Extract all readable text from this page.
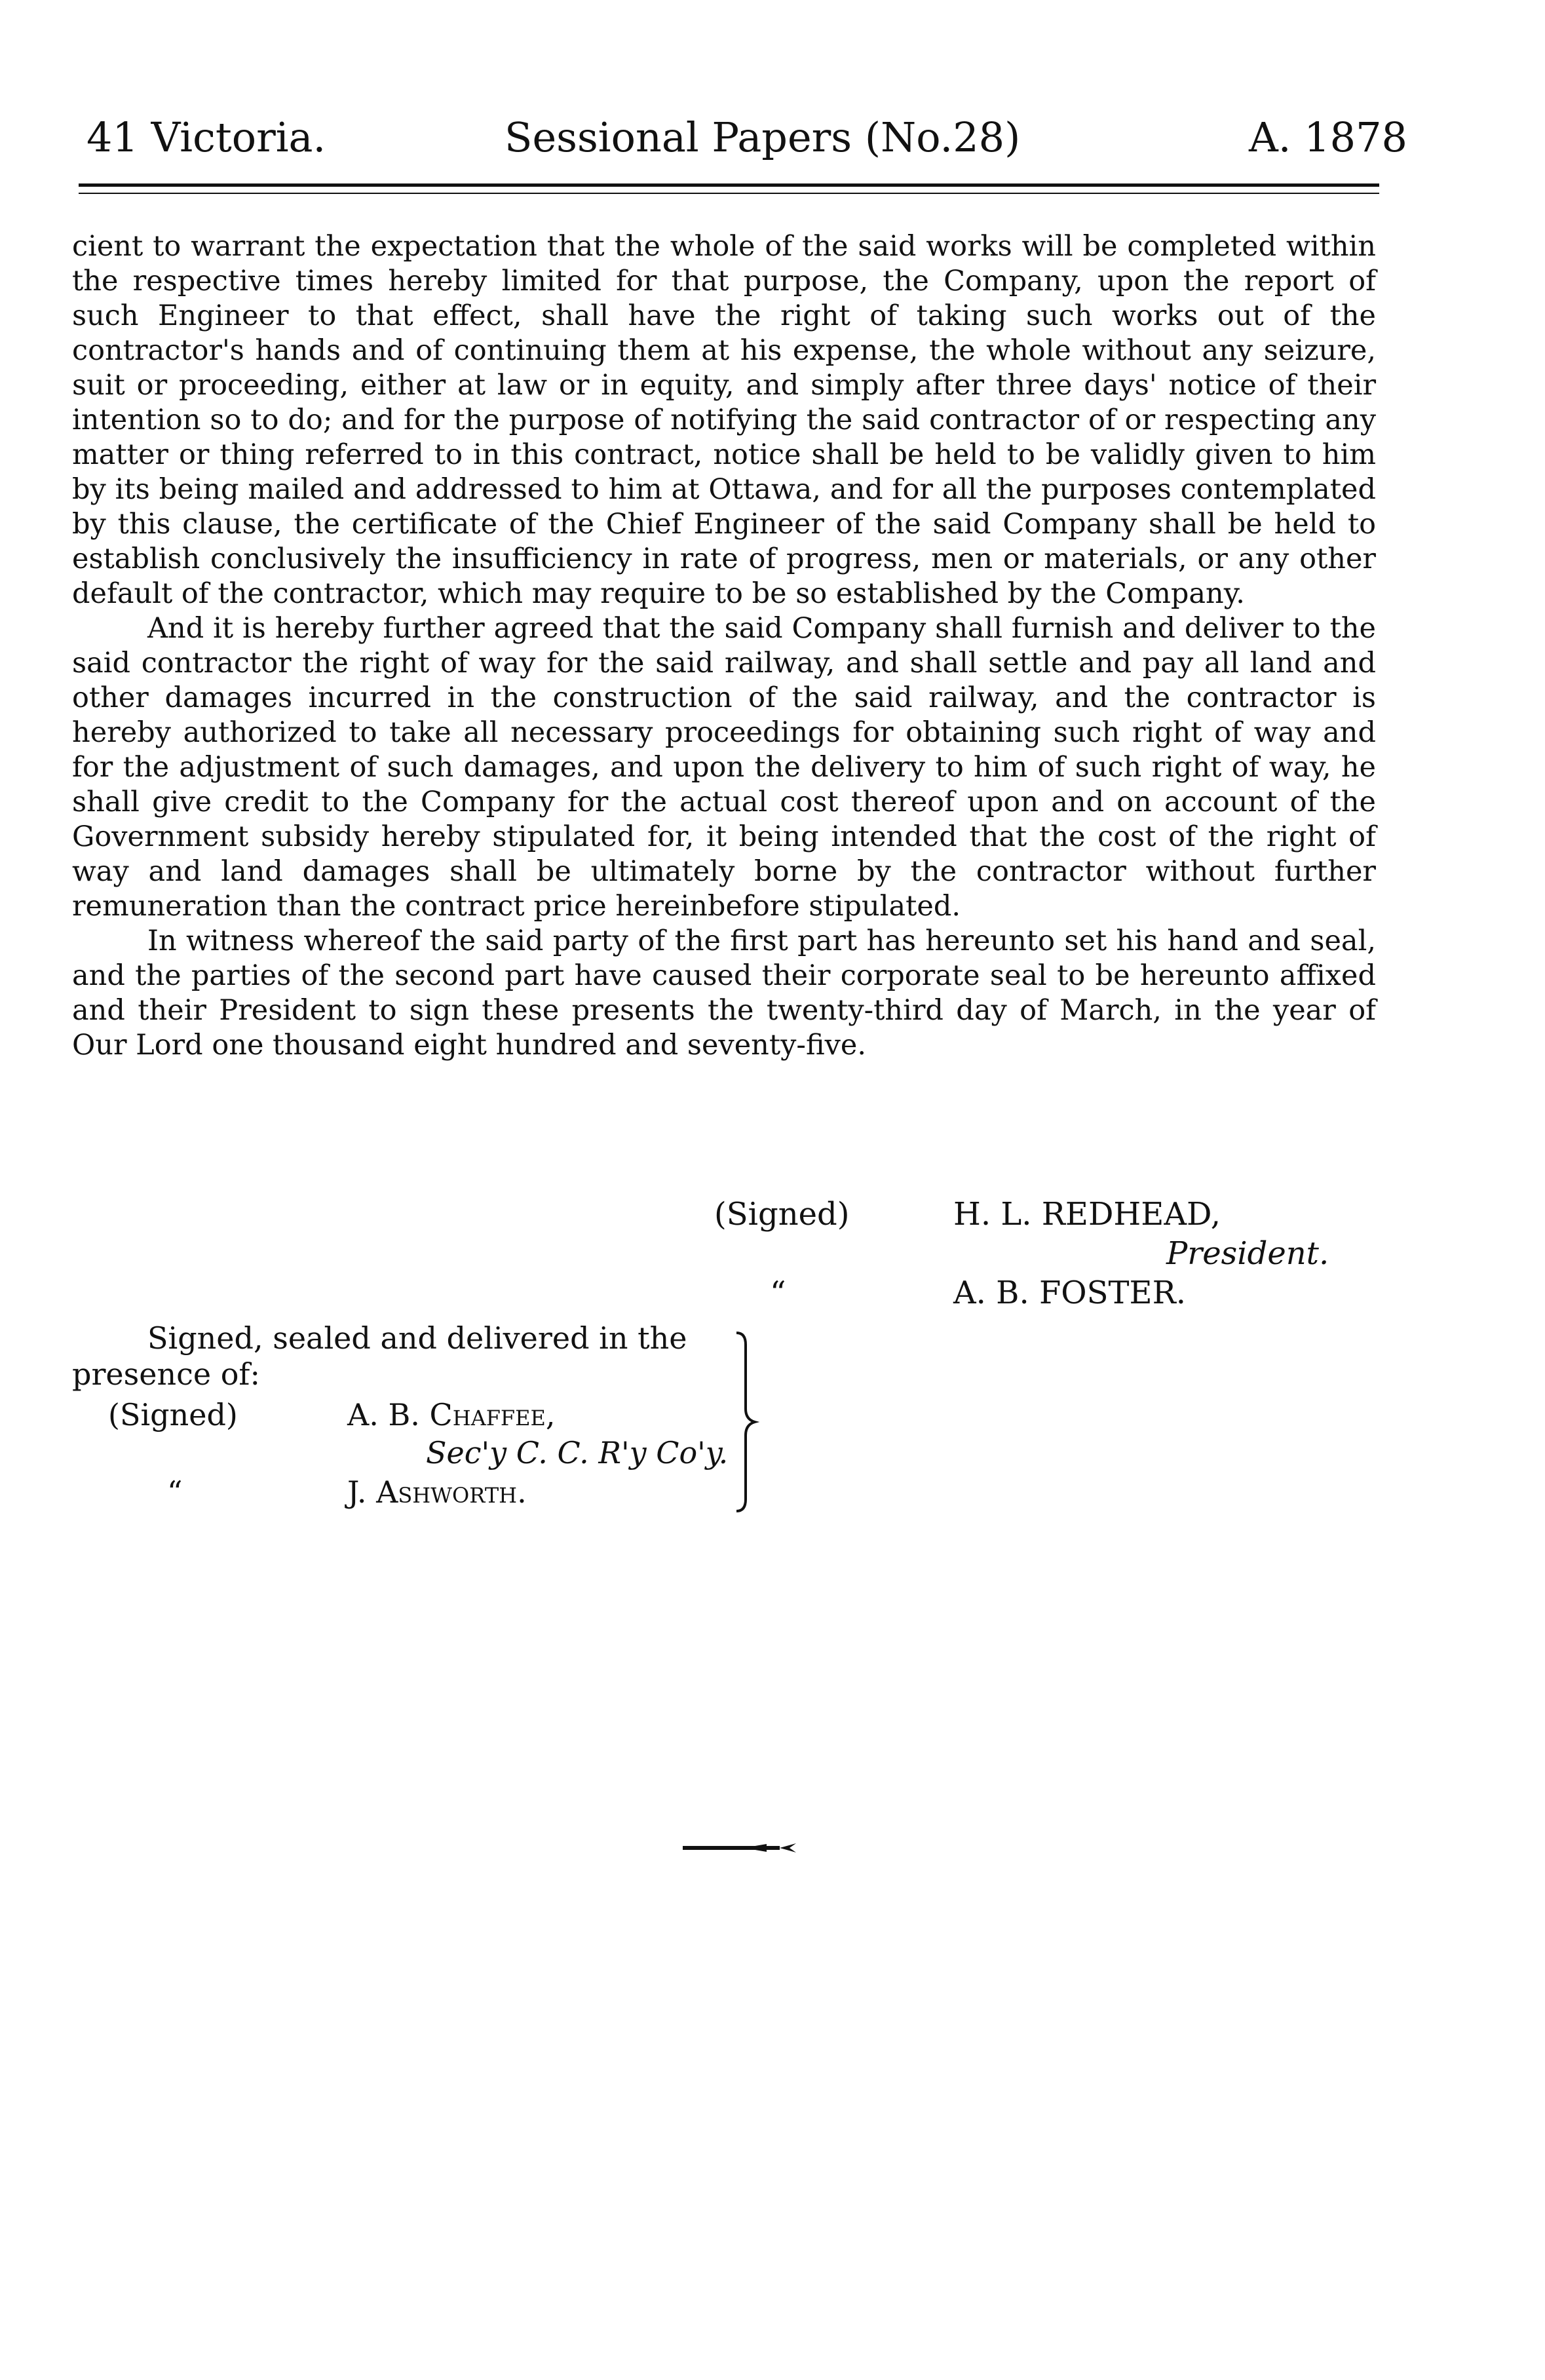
41 Victoria.	Sessional Papers (No.28)	A. 1878

cient to warrant the expectation that the whole of the said works will be completed within the respective times hereby limited for that purpose, the Company, upon the report of such Engineer to that effect, shall have the right of taking such works out of the contractor's hands and of continuing them at his expense, the whole without any seizure, suit or proceeding, either at law or in equity, and simply after three days' notice of their intention so to do; and for the purpose of notifying the said contractor of or respecting any matter or thing referred to in this contract, notice shall be held to be validly given to him by its being mailed and addressed to him at Ottawa, and for all the purposes contemplated by this clause, the certificate of the Chief Engineer of the said Company shall be held to establish conclusively the insufficiency in rate of progress, men or materials, or any other default of the contractor, which may require to be so established by the Company.

And it is hereby further agreed that the said Company shall furnish and deliver to the said contractor the right of way for the said railway, and shall settle and pay all land and other damages incurred in the construction of the said railway, and the contractor is hereby authorized to take all necessary proceedings for obtaining such right of way and for the adjustment of such damages, and upon the delivery to him of such right of way, he shall give credit to the Company for the actual cost thereof upon and on account of the Government subsidy hereby stipulated for, it being intended that the cost of the right of way and land damages shall be ultimately borne by the contractor without further remuneration than the contract price hereinbefore stipulated.

In witness whereof the said party of the first part has hereunto set his hand and seal, and the parties of the second part have caused their corporate seal to be hereunto affixed and their President to sign these presents the twenty-third day of March, in the year of Our Lord one thousand eight hundred and seventy-five.

(Signed)	H. L. REDHEAD,
President.
“	A. B. FOSTER.
Signed, sealed and delivered in the
presence of:
(Signed)	A. B. Chaffee,
Sec'y C. C. R'y Co'y.
“	J. Ashworth.
